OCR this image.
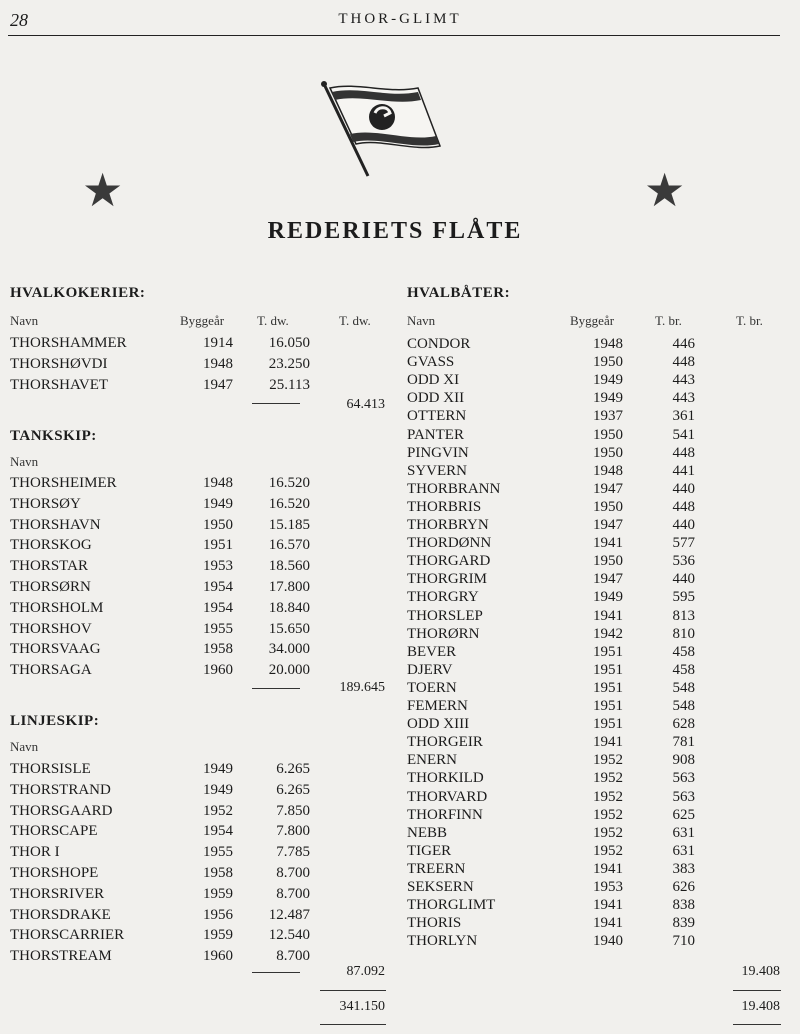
28	THOR-GLIMT
★	★
REDERIETS FLÅTE
HVALKOKERIER:
Navn	Byggeår	T. dw.	T. dw.
THORSHAMMER	1914 16.050
THORSHØVDI	1948 23.250
THORSHAVET	1947 25.113
64.413
TANKSKIP:
Navn
THORSHEIMER	1948 16.520
THORSØY	1949 16.520
THORSHAVN	1950 15.185
THORSKOG	1951 16.570
THORSTAR	1953 18.560
THORSØRN	1954 17.800
THORSHOLM	1954 18.840
THORSHOV	1955 15.650
THORSVAAG	1958 34.000
THORSAGA	1960 20.000
189.645
LINJESKIP:
Navn
THORSISLE	1949	6.265
THORSTRAND	1949	6.265
THORSGAARD	1952	7.850
THORSCAPE	1954	7.800
THOR I	1955	7.785
THORSHOPE	1958	8.700
THORSRIVER	1959	8.700
THORSDRAKE	1956 12.487
THORSCARRIER	1959 12.540
THORSTREAM	1960	8.700
87.092
341.150
HVALBÅTER:
Navn	Byggeår	T. br.	T. br.
CONDOR	1948	446
GVASS	1950	448
ODD XI	1949	443
ODD XII	1949	443
OTTERN	1937	361
PANTER	1950	541
PINGVIN	1950	448
SYVERN	1948	441
THORBRANN	1947	440
THORBRIS	1950	448
THORBRYN	1947	440
THORDØNN	1941	577
THORGARD	1950	536
THORGRIM	1947	440
THORGRY	1949	595
THORSLEP	1941	813
THORØRN	1942	810
BEVER	1951	458
DJERV	1951	458
TOERN	1951	548
FEMERN	1951	548
ODD XIII	1951	628
THORGEIR	1941	781
ENERN	1952	908
THORKILD	1952	563
THORVARD	1952	563
THORFINN	1952	625
NEBB	1952	631
TIGER	1952	631
TREERN	1941	383
SEKSERN	1953	626
THORGLIMT	1941	838
THORIS	1941	839
THORLYN	1940	710
19.408
19.408
